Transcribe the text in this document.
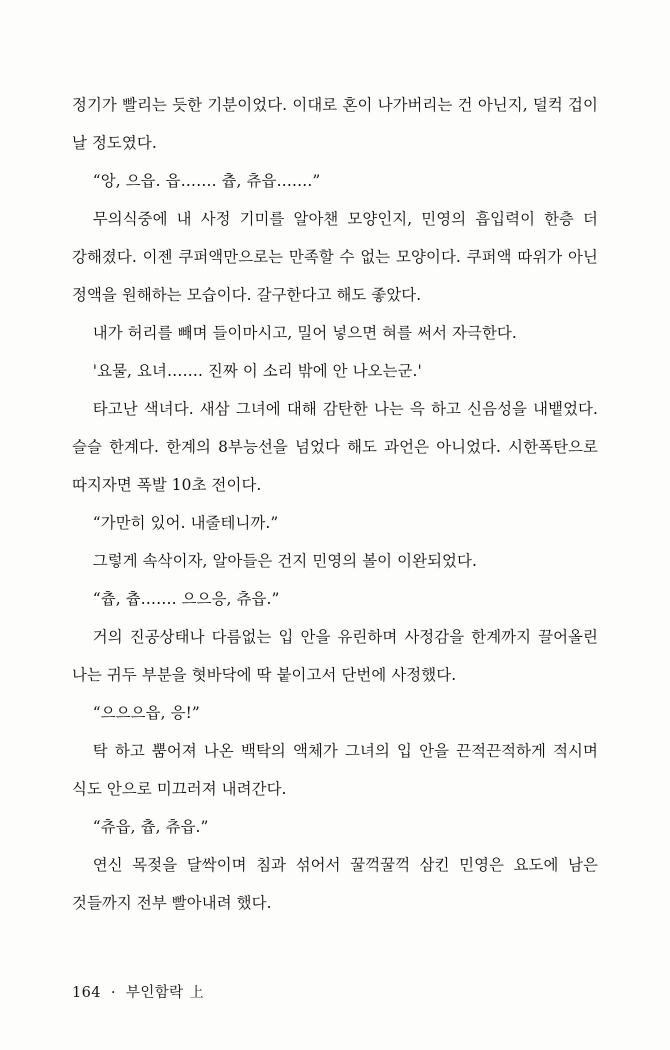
정기가 빨리는 듯한 기분이었다. 이대로 혼이 나가버리는 건 아닌지, 덜컥 겁이 날 정도였다.

“앙, 으읍. 읍……. 츕, 츄읍…….”

무의식중에 내 사정 기미를 알아챈 모양인지, 민영의 흡입력이 한층 더 강해졌다. 이젠 쿠퍼액만으로는 만족할 수 없는 모양이다. 쿠퍼액 따위가 아닌 정액을 원해하는 모습이다. 갈구한다고 해도 좋았다.

내가 허리를 빼며 들이마시고, 밀어 넣으면 혀를 써서 자극한다.

'요물, 요녀……. 진짜 이 소리 밖에 안 나오는군.'

타고난 색녀다. 새삼 그녀에 대해 감탄한 나는 윽 하고 신음성을 내뱉었다. 슬슬 한계다. 한계의 8부능선을 넘었다 해도 과언은 아니었다. 시한폭탄으로 따지자면 폭발 10초 전이다.

“가만히 있어. 내줄테니까.”

그렇게 속삭이자, 알아들은 건지 민영의 볼이 이완되었다.

“츕, 츕……. 으으응, 츄읍.”

거의 진공상태나 다름없는 입 안을 유린하며 사정감을 한계까지 끌어올린 나는 귀두 부분을 혓바닥에 딱 붙이고서 단번에 사정했다.

“으으으읍, 응!”

탁 하고 뿜어져 나온 백탁의 액체가 그녀의 입 안을 끈적끈적하게 적시며 식도 안으로 미끄러져 내려간다.

“츄읍, 츕, 츄읍.”

연신 목젖을 달싹이며 침과 섞어서 꿀꺽꿀꺽 삼킨 민영은 요도에 남은 것들까지 전부 빨아내려 했다.

164 · 부인함락 上
